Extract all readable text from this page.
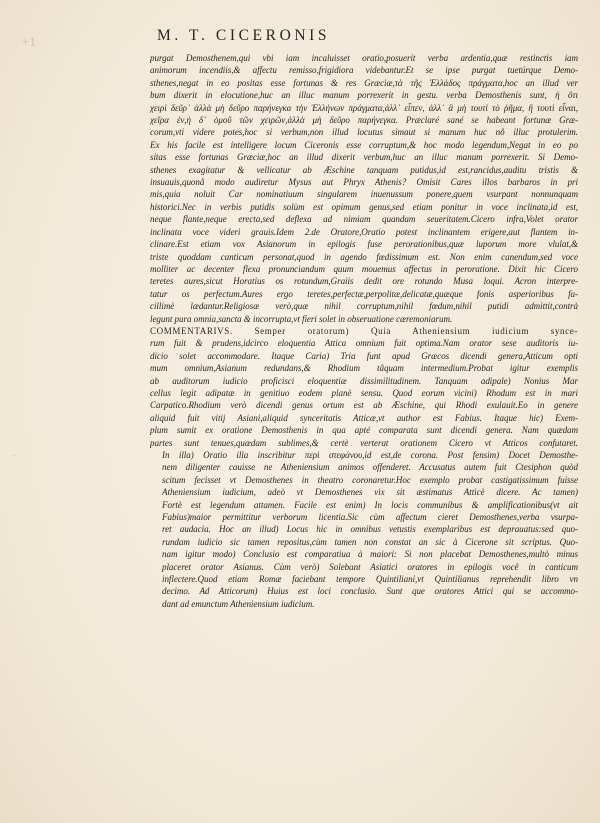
+1
·
M. T. CICERONIS
purgat Demosthenem,qui vbi iam incaluisset oratio,posuerit verba ardentia,quæ restinctis iam
animorum incendiis,& affectu remisso,frigidiora videbantur.Et se ipse purgat tuetúrque Demo-
sthenes,negat in eo positas esse fortunas & res Græciæ,τὰ τῆς Ἑλλάδος πράγματα,hoc an illud ver
bum dixerit in elocutione,huc an illuc manum porrexerit in gestu. verba Demosthenis sunt, ἡ ὅτι
χειρὶ δεῦρ᾽ ἀλλὰ μὴ δεῦρο παρήνεγκα τὴν Ἑλλήνων πράγματα,ἀλλ᾽ εἶπεν, ἀλλ᾽ ἃ μὴ τουτὶ τὸ ῥῆμα, ἢ τουτὶ εἶναι,
χεῖρα ἐν,ἡ δ᾽ ὁμοῦ τῶν χειρῶν,ἀλλὰ μὴ δεῦρο παρήνεγκα. Præclaré sané se habeant fortunæ Græ-
corum,vti videre potes,hoc si verbum,non illud locutus simaut si manum huc nô illuc protulerim.
Ex his facile est intelligere locum Ciceronis esse corruptum,& hoc modo legendum,Negat in eo po
sitas esse fortunas Græciæ,hoc an illud dixerit verbum,huc an illuc manum porrexerit. Si Demo-
sthenes exagitatur & vellicatur ab Æschine tanquam putidus,id est,rancidus,auditu tristis &
insuauis,quonâ modo audiretur Mysus aut Phryx Athenis? Omisit Cares illos barbaros in pri
mis,quia noluit Car nominatiuum singularem inuenussum ponere,quem vsurpant nonnunquam
historici.Nec in verbis putidis solùm est opimum genus,sed etiam ponitur in voce inclinata,id est,
neque flante,neque erecta,sed deflexa ad nimiam quandam seueritatem.Cicero infra,Volet orator
inclinata voce videri grauis.Idem 2.de Oratore,Oratio potest inclinantem erigere,aut flantem in-
clinare.Est etiam vox Asianorum in epilogis fuse perorationibus,quæ luporum more vlulat,&
triste quoddam canticum personat,quod in agendo fœdissimum est. Non enim canendum,sed voce
molliter ac decenter flexa pronunciandum quum mouemus affectus in peroratione. Dixit hic Cicero
teretes aures,sicut Horatius os rotundum,Graiis dedit ore rotundo Musa loqui. Acron interpre-
tatur os perfectum.Aures ergo teretes,perfectæ,perpolitæ,delicatæ,quæque fonis asperioribus fa-
cillimè lædantur.Religiosæ verò,quæ nihil corruptum,nihil fœdum,nihil putidi admittit,contrà
legunt pura omnia,sancta & incorrupta,vt fieri solet in obseruatione cæremoniarum.
COMMENTARIVS. Semper oratorum) Quia Atheniensium iudicium synce-
rum fuit & prudens,idcirco eloquentia Attica omnium fuit optima.Nam orator sese auditoris iu-
dicio solet accommodare. Itaque Caria) Tria funt apud Græcos dicendi genera,Atticum opti
mum omnium,Asianum redundans,& Rhodium tâquam intermedium.Probat igitur exemplis
ab auditorum iudicio proficisci eloquentiæ dissimilitudinem. Tanquam adipale) Nonius Mar
cellus legit adipatæ in genitiuo eodem planè sensu. Quod eorum vicini) Rhodum est in mari
Carpatico.Rhodium verò dicendi genus ortum est ab Æschine, qui Rhodi exulauit.Eo in genere
aliquid fuit vitij Asiani,aliquid synceritatis Atticæ,vt author est Fabius. Itaque hic) Exem-
plum sumit ex oratione Demosthenis in qua apté comparata sunt dicendi genera. Nam quædam
partes sunt tenues,quædam sublimes,& certè verterat orationem Cicero vt Atticos confutaret.
In illa) Oratio illa inscribitur περὶ στεφάνου,id est,de corona. Post fensim) Docet Demosthe-
nem diligenter cauisse ne Atheniensium animos offenderet. Accusatus autem fuit Ctesiphon quòd
scitum fecisset vt Demosthenes in theatro coronaretur.Hoc exemplo probat castigatissimum fuisse
Atheniensium iudicium, adeò vt Demosthenes vix sit æstimatus Atticè dicere. Ac tamen)
Fortè est legendum attamen. Facile est enim) In locis communibus & amplificationibus(vt ait
Fabius)maior permittitur verborum licentia.Sic cùm affectum cieret Demosthenes,verba vsurpa-
ret audacia. Hoc an illud) Locus hic in omnibus vetustis exemplaribus est deprauatus:sed quo-
rundam iudicio sic tamen repositus,cùm tamen non constat an sic à Cicerone sit scriptus. Quo-
nam igitur modo) Conclusio est comparatiua à maiori: Si non placebat Demosthenes,multò minus
placeret orator Asianus. Cùm verò) Solebant Asiatici oratores in epilogis você in canticum
inflectere.Quod etiam Romæ faciebant tempore Quintiliani,vt Quintilianus reprehendit libro vn
decimo. Ad Atticorum) Huius est loci conclusio. Sunt que oratores Attici qui se accommo-
dant ad emunctum Atheniensium iudicium.
